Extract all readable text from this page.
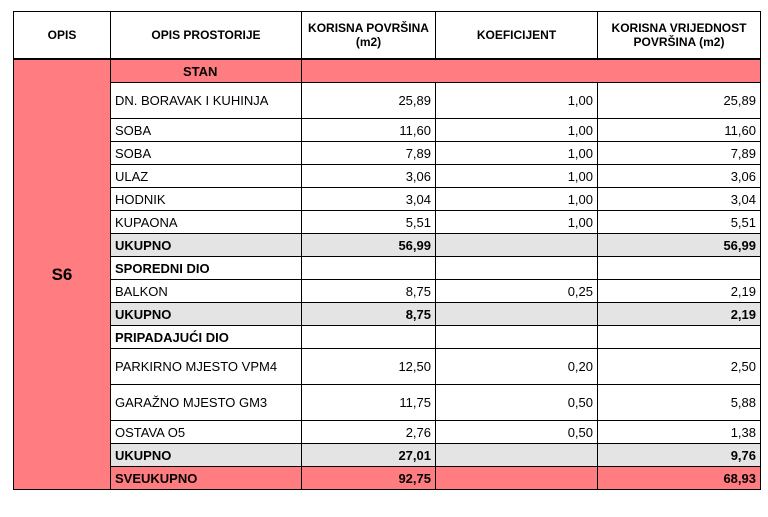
OPIS	OPIS PROSTORIJE	KORISNA POVRŠINA (m2)	KOEFICIJENT	KORISNA VRIJEDNOST POVRŠINA (m2)
S6	STAN			
	DN. BORAVAK I KUHINJA	25,89	1,00	25,89
	SOBA	11,60	1,00	11,60
	SOBA	7,89	1,00	7,89
	ULAZ	3,06	1,00	3,06
	HODNIK	3,04	1,00	3,04
	KUPAONA	5,51	1,00	5,51
	UKUPNO	56,99		56,99
	SPOREDNI DIO			
	BALKON	8,75	0,25	2,19
	UKUPNO	8,75		2,19
	PRIPADAJUĆI DIO			
	PARKIRNO MJESTO VPM4	12,50	0,20	2,50
	GARAŽNO MJESTO GM3	11,75	0,50	5,88
	OSTAVA O5	2,76	0,50	1,38
	UKUPNO	27,01		9,76
	SVEUKUPNO	92,75		68,93
